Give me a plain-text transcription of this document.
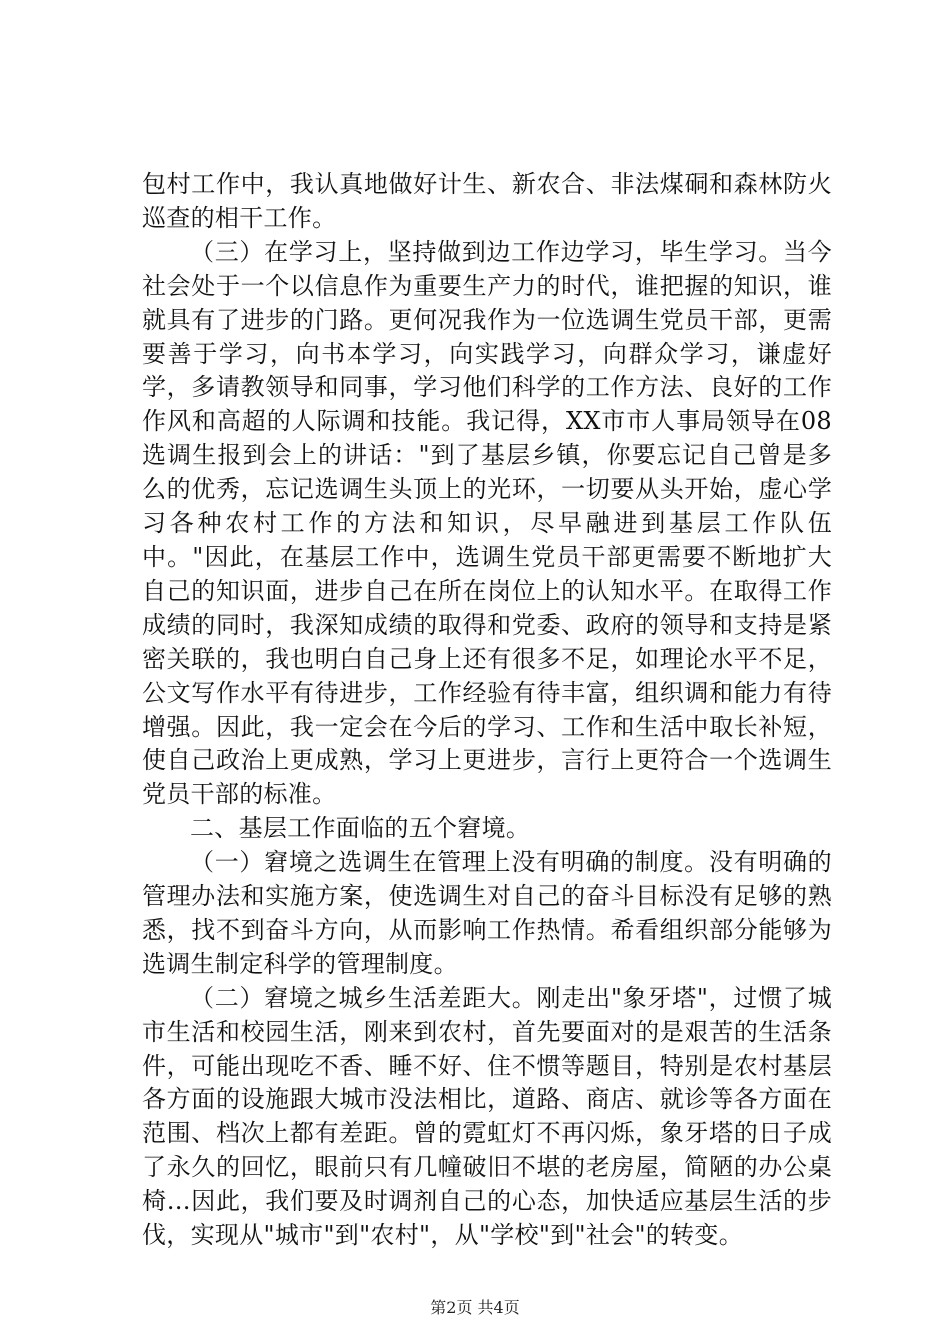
包村工作中，我认真地做好计生、新农合、非法煤硐和森林防火巡查的相干工作。

（三）在学习上，坚持做到边工作边学习，毕生学习。当今社会处于一个以信息作为重要生产力的时代，谁把握的知识，谁就具有了进步的门路。更何况我作为一位选调生党员干部，更需要善于学习，向书本学习，向实践学习，向群众学习，谦虚好学，多请教领导和同事，学习他们科学的工作方法、良好的工作作风和高超的人际调和技能。我记得，XX市市人事局领导在08选调生报到会上的讲话："到了基层乡镇，你要忘记自己曾是多么的优秀，忘记选调生头顶上的光环，一切要从头开始，虚心学习各种农村工作的方法和知识，尽早融进到基层工作队伍中。"因此，在基层工作中，选调生党员干部更需要不断地扩大自己的知识面，进步自己在所在岗位上的认知水平。在取得工作成绩的同时，我深知成绩的取得和党委、政府的领导和支持是紧密关联的，我也明白自己身上还有很多不足，如理论水平不足，公文写作水平有待进步，工作经验有待丰富，组织调和能力有待增强。因此，我一定会在今后的学习、工作和生活中取长补短，使自己政治上更成熟，学习上更进步，言行上更符合一个选调生党员干部的标准。

二、基层工作面临的五个窘境。

（一）窘境之选调生在管理上没有明确的制度。没有明确的管理办法和实施方案，使选调生对自己的奋斗目标没有足够的熟悉，找不到奋斗方向，从而影响工作热情。希看组织部分能够为选调生制定科学的管理制度。

（二）窘境之城乡生活差距大。刚走出"象牙塔"，过惯了城市生活和校园生活，刚来到农村，首先要面对的是艰苦的生活条件，可能出现吃不香、睡不好、住不惯等题目，特别是农村基层各方面的设施跟大城市没法相比，道路、商店、就诊等各方面在范围、档次上都有差距。曾的霓虹灯不再闪烁，象牙塔的日子成了永久的回忆，眼前只有几幢破旧不堪的老房屋，简陋的办公桌椅…因此，我们要及时调剂自己的心态，加快适应基层生活的步伐，实现从"城市"到"农村"，从"学校"到"社会"的转变。

第2页 共4页
